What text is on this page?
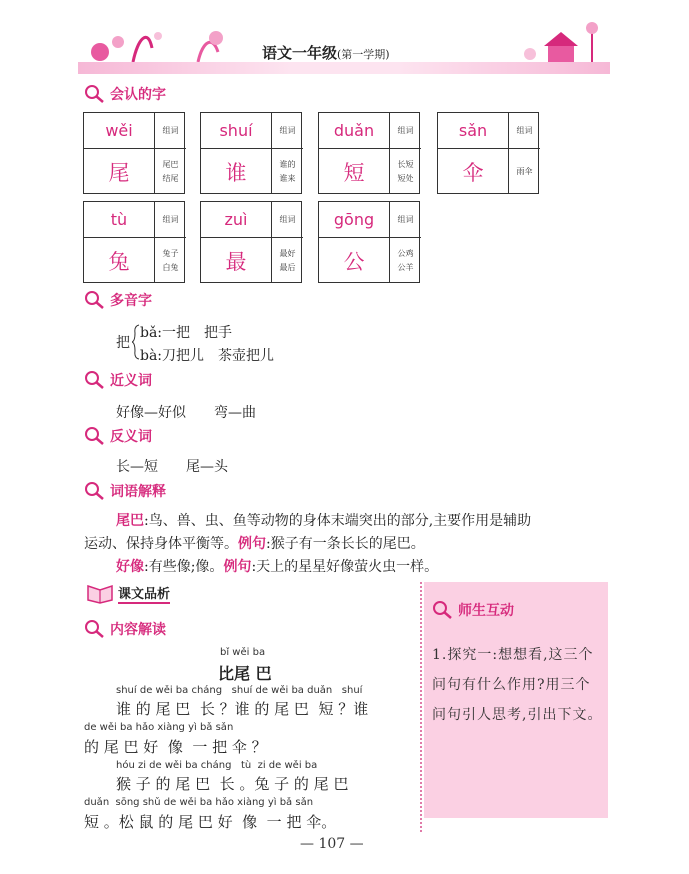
语文一年级(第一学期)
会认的字
wěi	组词
尾	尾巴
结尾
shuí	组词
谁	谁的
谁来
duǎn	组词
短	长短
短处
sǎn	组词
伞	雨伞
tù	组词
兔	兔子
白兔
zuì	组词
最	最好
最后
gōng	组词
公	公鸡
公羊
多音字
把
bǎ:一把　把手
bà:刀把儿　茶壶把儿
近义词
好像—好似　　弯—曲
反义词
长—短　　尾—头
词语解释
尾巴:鸟、兽、虫、鱼等动物的身体末端突出的部分,主要作用是辅助
运动、保持身体平衡等。例句:猴子有一条长长的尾巴。
好像:有些像;像。例句:天上的星星好像萤火虫一样。
课文品析
内容解读
bǐ wěi ba
比尾 巴
shuí de wěi ba cháng   shuí de wěi ba duǎn   shuí
谁 的 尾 巴  长 ？谁 的 尾 巴  短 ？谁
de wěi ba hǎo xiàng yì bǎ sǎn
的 尾 巴 好  像  一 把 伞 ？
hóu zi de wěi ba cháng   tù  zi de wěi ba
猴 子 的 尾 巴  长 。兔 子 的 尾 巴
duǎn  sōng shǔ de wěi ba hǎo xiàng yì bǎ sǎn
短 。松 鼠 的 尾 巴 好  像  一 把 伞。
师生互动
1.探究一:想想看,这三个问句有什么作用?用三个问句引人思考,引出下文。
— 107 —
